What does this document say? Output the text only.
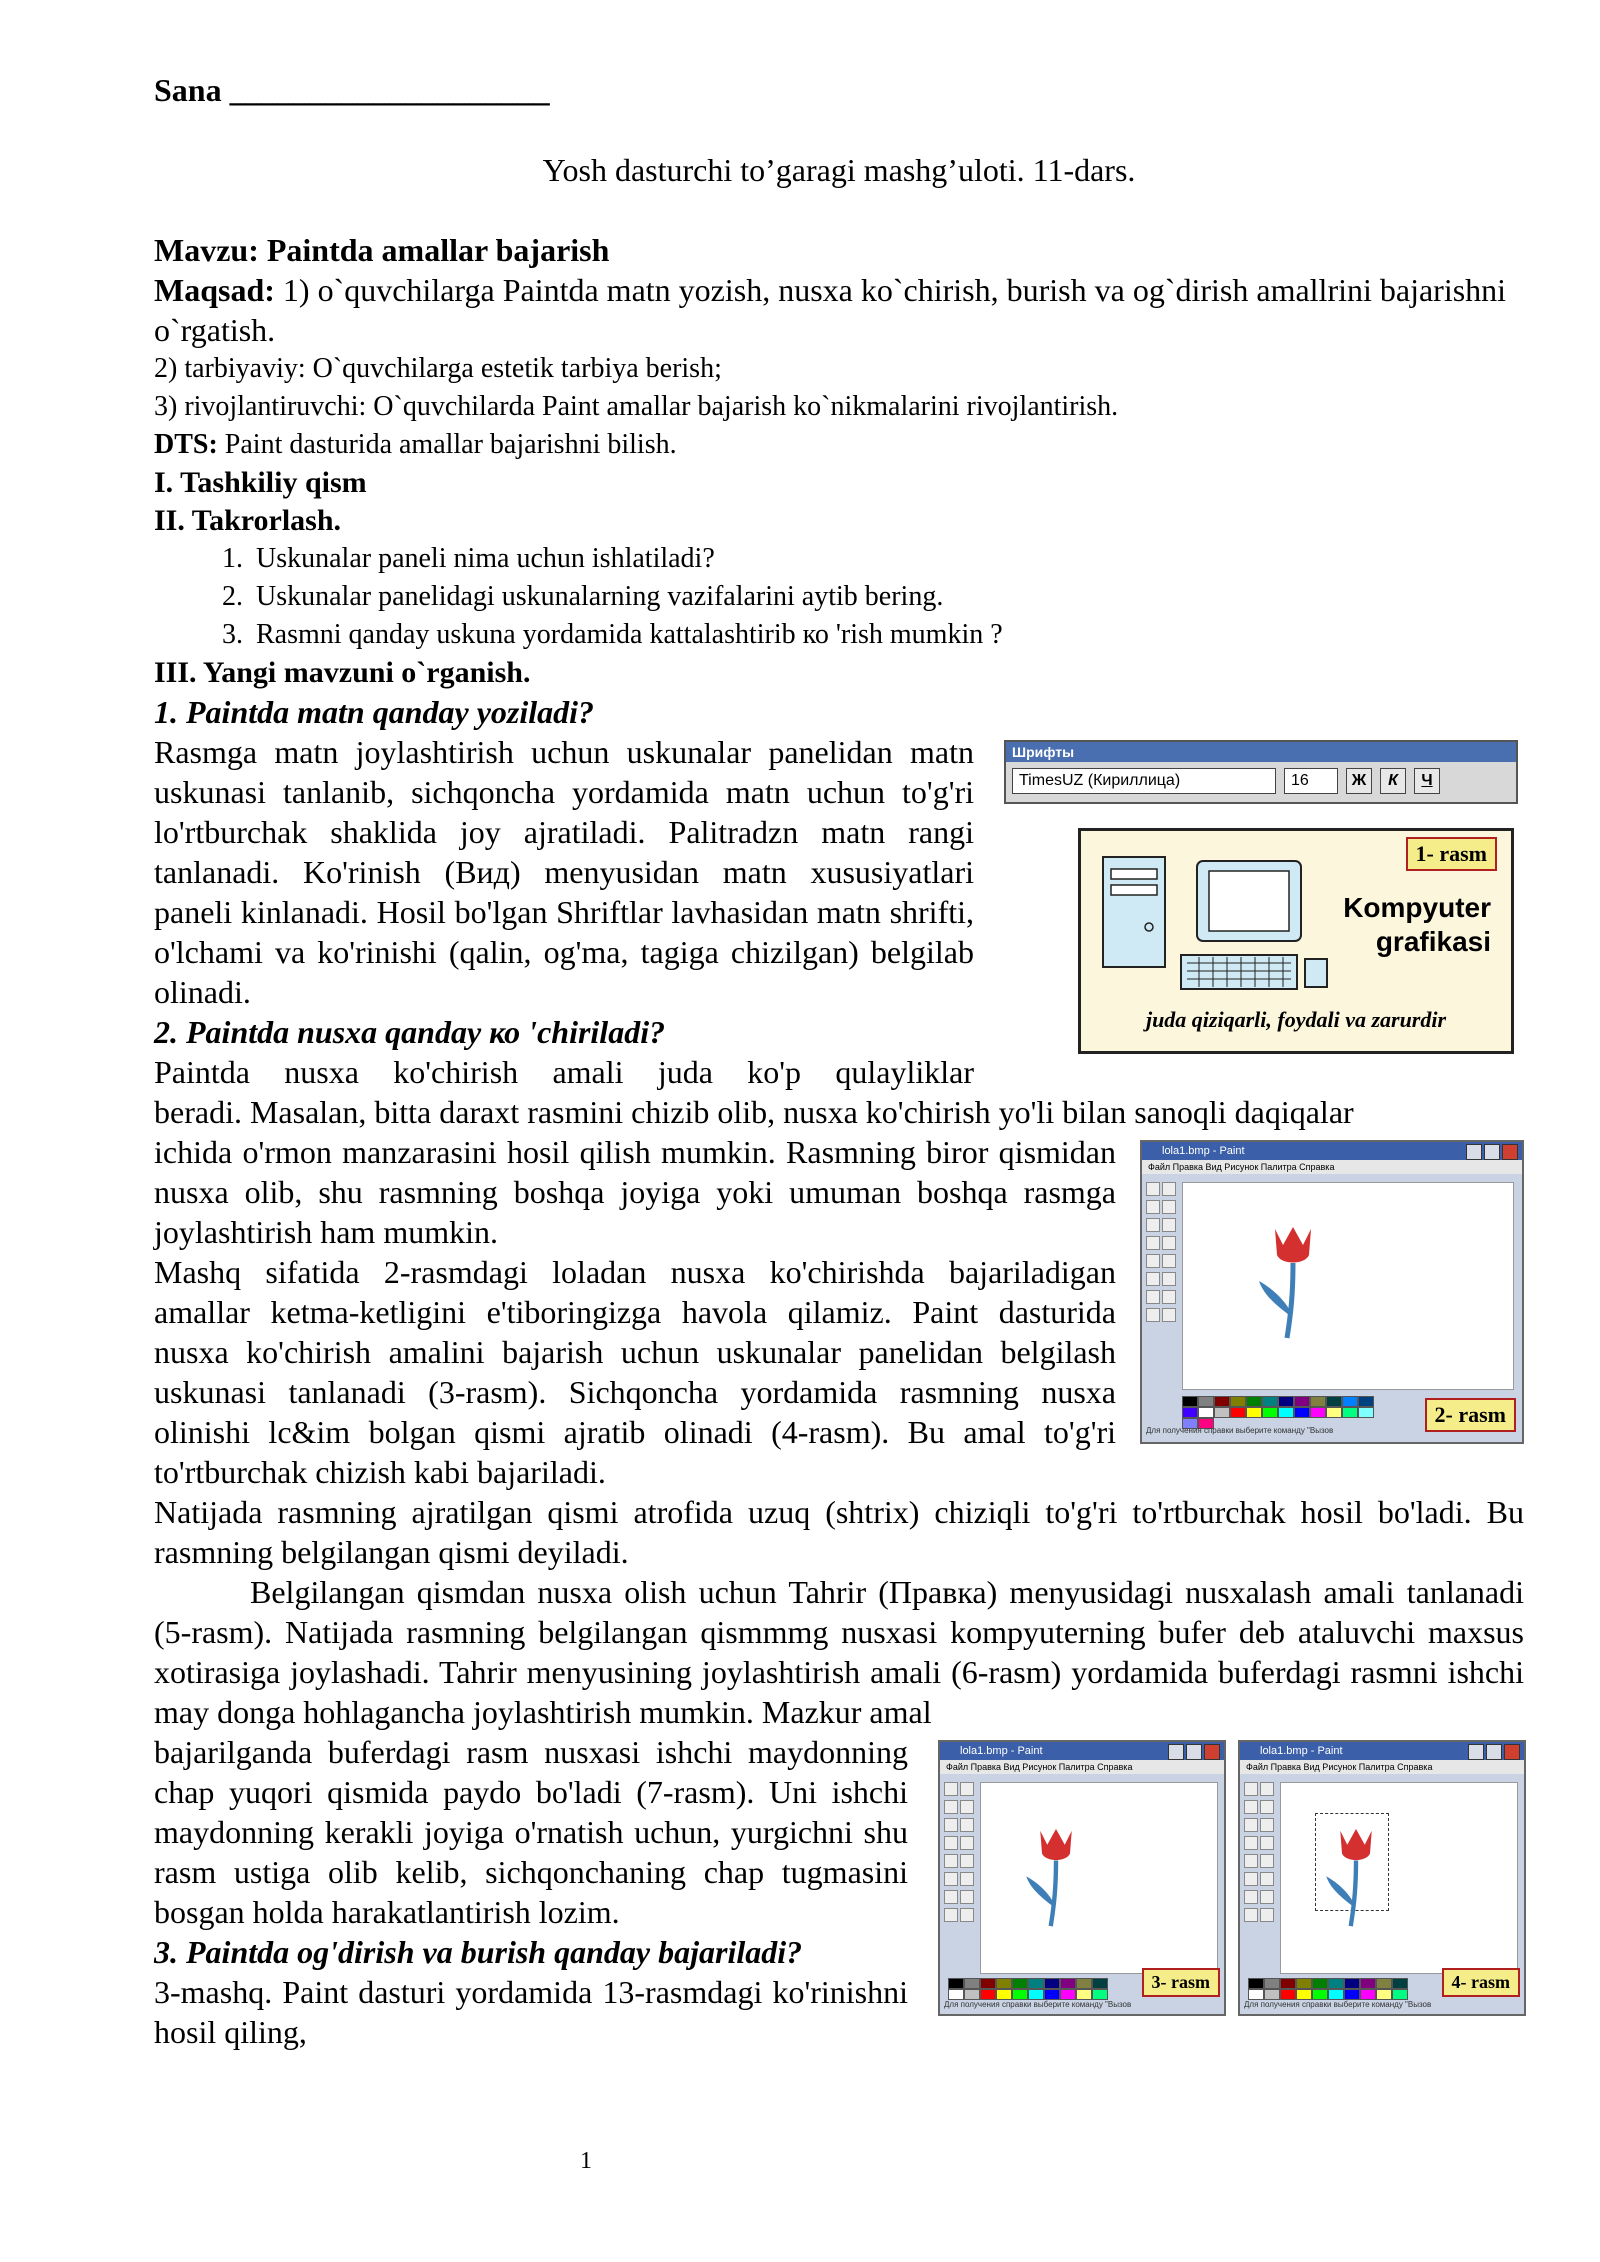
Sana ____________________

Yosh dasturchi to’garagi mashg’uloti. 11-dars.

Mavzu: Paintda amallar bajarish

Maqsad: 1) o`quvchilarga Paintda matn yozish, nusxa ko`chirish, burish va og`dirish amallrini bajarishni o`rgatish.

2) tarbiyaviy: O`quvchilarga estetik tarbiya berish;

3) rivojlantiruvchi: O`quvchilarda Paint amallar bajarish ko`nikmalarini rivojlantirish.

DTS: Paint dasturida amallar bajarishni bilish.

I. Tashkiliy qism

II. Takrorlash.

1. Uskunalar paneli nima uchun ishlatiladi?
2. Uskunalar panelidagi uskunalarning vazifalarini aytib bering.
3. Rasmni qanday uskuna yordamida kattalashtirib ко 'rish mumkin ?

III. Yangi mavzuni o`rganish.

1. Paintda matn qanday yoziladi?

Шрифты
TimesUZ (Кириллица)	16	Ж	К	Ч
1- rasm
Kompyuter
grafikasi
juda qiziqarli, foydali va zarurdir

Rasmga matn joylashtirish uchun uskunalar panelidan matn uskunasi tanlanib, sichqoncha yordamida matn uchun to'g'ri lo'rtburchak shaklida joy ajratiladi. Palitradzn matn rangi tanlanadi. Ko'rinish (Вид) menyusidan matn xususiyatlari paneli kinlanadi. Hosil bo'lgan Shriftlar lavhasidan matn shrifti, o'lchami va ko'rinishi (qalin, og'ma, tagiga chizilgan) belgilab olinadi.

2. Paintda nusxa qanday ко 'chiriladi?

Paintda nusxa ko'chirish amali juda ko'p qulayliklar

beradi. Masalan, bitta daraxt rasmini chizib olib, nusxa ko'chirish yo'li bilan sanoqli daqiqalar

lola1.bmp - Paint
Файл Правка Вид Рисунок Палитра Справка
Для получения справки выберите команду "Вызов
2- rasm

ichida o'rmon manzarasini hosil qilish mumkin. Rasmning biror qismidan nusxa olib, shu rasmning boshqa joyiga yoki umuman boshqa rasmga joylashtirish ham mumkin.

Mashq sifatida 2-rasmdagi loladan nusxa ko'chirishda bajariladigan amallar ketma-ketligini e'tiboringizga havola qilamiz. Paint dasturida nusxa ko'chirish amalini bajarish uchun uskunalar panelidan belgilash uskunasi tanlanadi (3-rasm). Sichqoncha yordamida rasmning nusxa olinishi lc&im bolgan qismi ajratib olinadi (4-rasm). Bu amal to'g'ri to'rtburchak chizish kabi bajariladi.

Natijada rasmning ajratilgan qismi atrofida uzuq (shtrix) chiziqli to'g'ri to'rtburchak hosil bo'ladi. Bu rasmning belgilangan qismi deyiladi.

Belgilangan qismdan nusxa olish uchun Tahrir (Правка) menyusidagi nusxalash amali tanlanadi (5-rasm). Natijada rasmning belgilangan qismmmg nusxasi kompyuterning bufer deb ataluvchi maxsus xotirasiga joylashadi. Tahrir menyusining joylashtirish amali (6-rasm) yordamida buferdagi rasmni ishchi may donga hohlagancha joylashtirish mumkin. Mazkur amal

lola1.bmp - Paint
Файл Правка Вид Рисунок Палитра Справка
Для получения справки выберите команду "Вызов
3- rasm
lola1.bmp - Paint
Файл Правка Вид Рисунок Палитра Справка
Для получения справки выберите команду "Вызов
4- rasm

bajarilganda buferdagi rasm nusxasi ishchi maydonning chap yuqori qismida paydo bo'ladi (7-rasm). Uni ishchi maydonning kerakli joyiga o'rnatish uchun, yurgichni shu rasm ustiga olib kelib, sichqonchaning chap tugmasini bosgan holda harakatlantirish lozim.

3. Paintda og'dirish va burish qanday bajariladi?

3-mashq. Paint dasturi yordamida 13-rasmdagi ko'rinishni hosil qiling,

1
